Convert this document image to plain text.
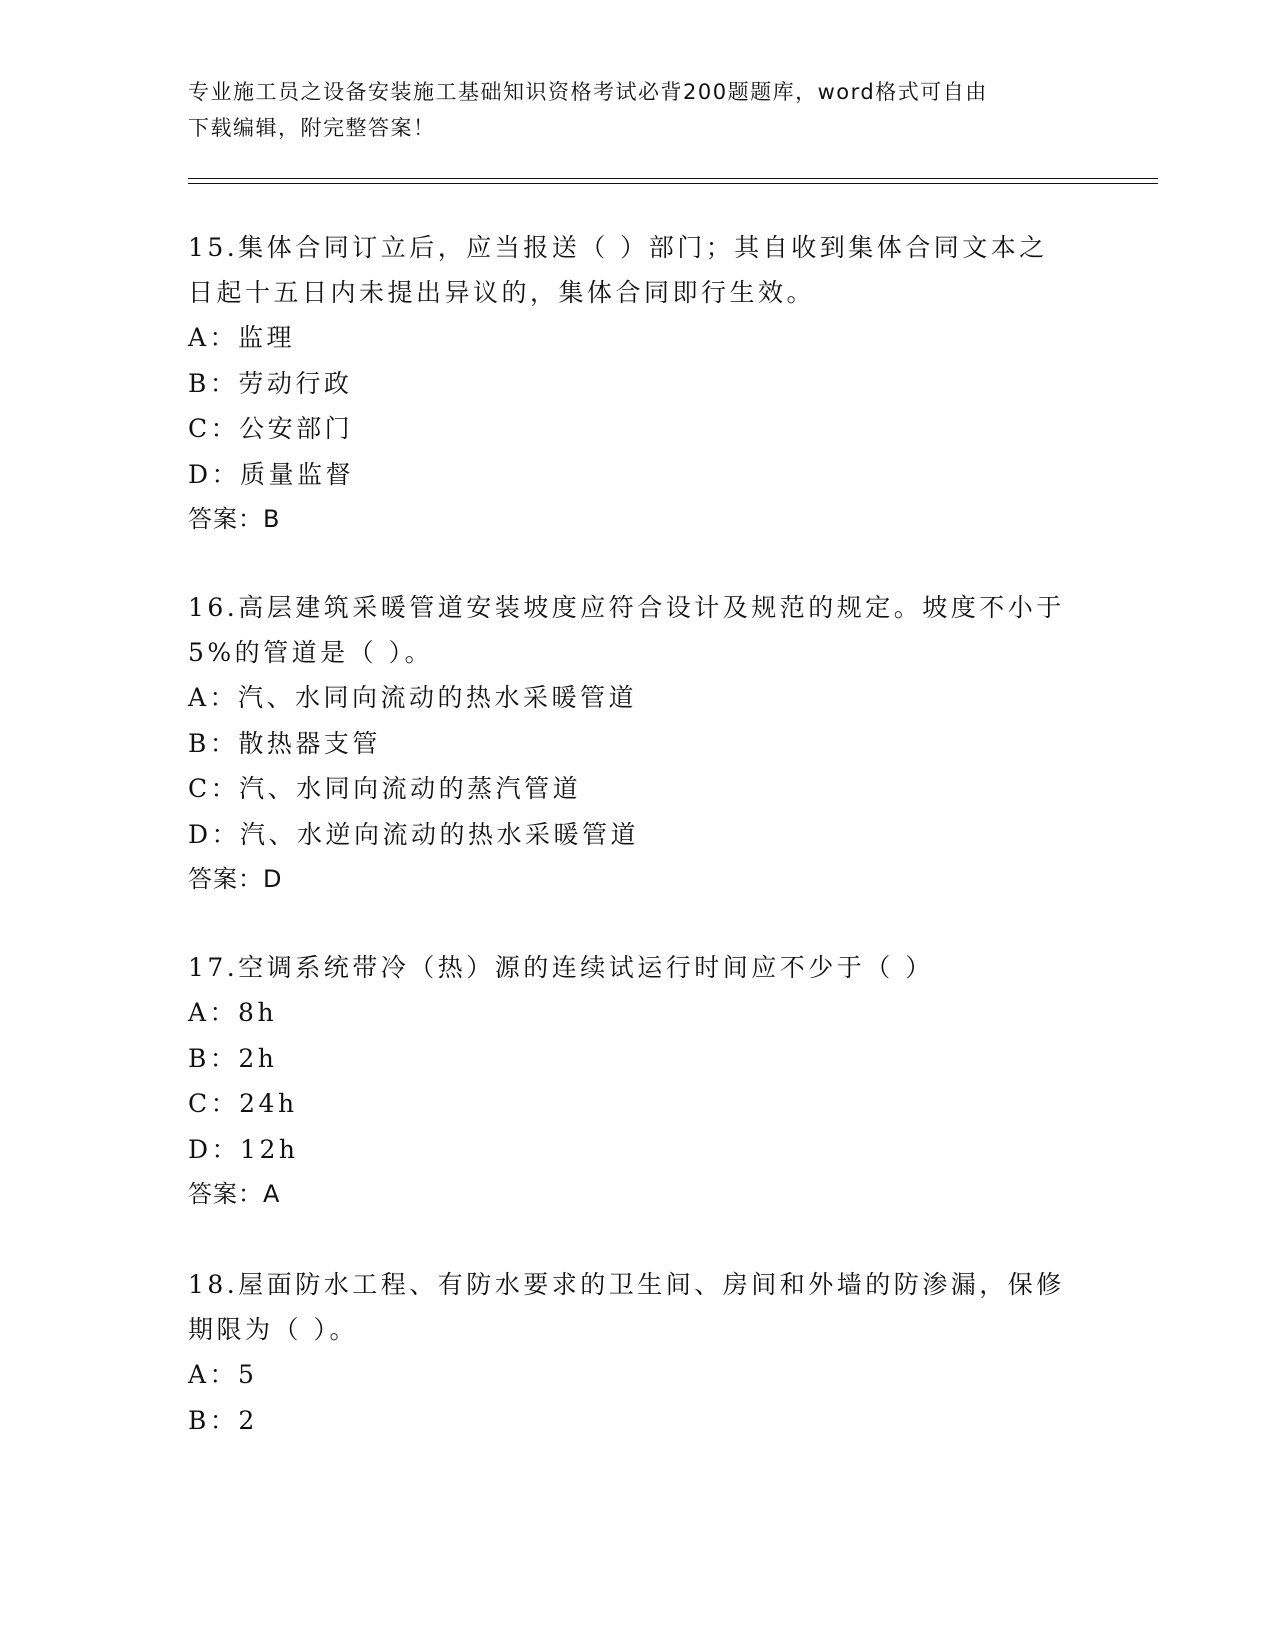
专业施工员之设备安装施工基础知识资格考试必背200题题库，word格式可自由
下载编辑，附完整答案！

15.集体合同订立后，应当报送（ ）部门；其自收到集体合同文本之

日起十五日内未提出异议的，集体合同即行生效。

A：监理

B：劳动行政

C：公安部门

D：质量监督

答案：B

16.高层建筑采暖管道安装坡度应符合设计及规范的规定。坡度不小于

5%的管道是（ ）。

A：汽、水同向流动的热水采暖管道

B：散热器支管

C：汽、水同向流动的蒸汽管道

D：汽、水逆向流动的热水采暖管道

答案：D

17.空调系统带冷（热）源的连续试运行时间应不少于（ ）

A：8h

B：2h

C：24h

D：12h

答案：A

18.屋面防水工程、有防水要求的卫生间、房间和外墙的防渗漏，保修

期限为（ ）。

A：5

B：2
